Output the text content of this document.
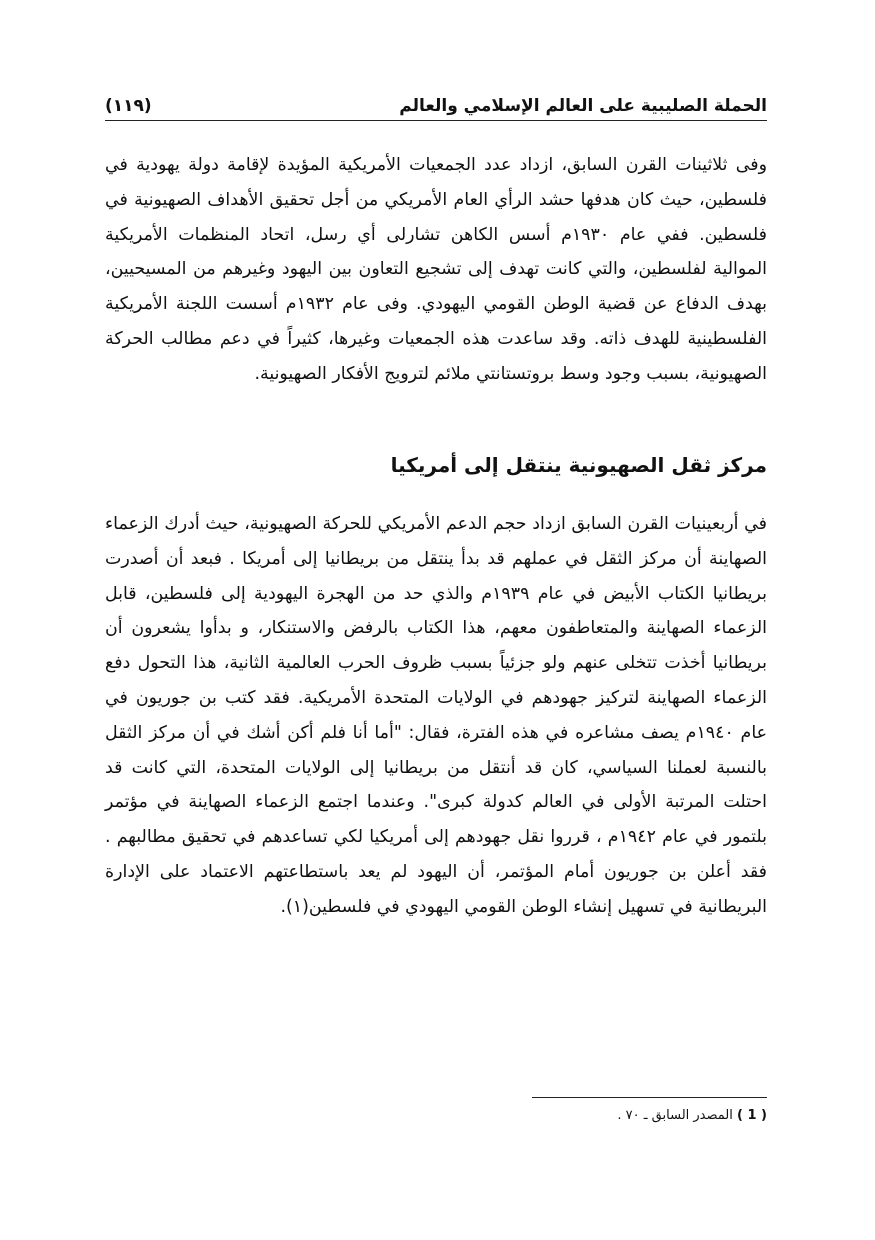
الحملة الصليبية على العالم الإسلامي والعالم
(١١٩)

وفى ثلاثينات القرن السابق، ازداد عدد الجمعيات الأمريكية المؤيدة لإقامة دولة يهودية في فلسطين، حيث كان هدفها حشد الرأي العام الأمريكي من أجل تحقيق الأهداف الصهيونية في فلسطين. ففي عام ١٩٣٠م أسس الكاهن تشارلى أي رسل، اتحاد المنظمات الأمريكية الموالية لفلسطين، والتي كانت تهدف إلى تشجيع التعاون بين اليهود وغيرهم من المسيحيين، بهدف الدفاع عن قضية الوطن القومي اليهودي. وفى عام ١٩٣٢م أسست اللجنة الأمريكية الفلسطينية للهدف ذاته. وقد ساعدت هذه الجمعيات وغيرها، كثيراً في دعم مطالب الحركة الصهيونية، بسبب وجود وسط بروتستانتي ملائم لترويج الأفكار الصهيونية.

مركز ثقل الصهيونية ينتقل إلى أمريكيا

في أربعينيات القرن السابق ازداد حجم الدعم الأمريكي للحركة الصهيونية، حيث أدرك الزعماء الصهاينة أن مركز الثقل في عملهم قد بدأ ينتقل من بريطانيا إلى أمريكا . فبعد أن أصدرت بريطانيا الكتاب الأبيض في عام ١٩٣٩م والذي حد من الهجرة اليهودية إلى فلسطين، قابل الزعماء الصهاينة والمتعاطفون معهم، هذا الكتاب بالرفض والاستنكار، و بدأوا يشعرون أن بريطانيا أخذت تتخلى عنهم ولو جزئياً بسبب ظروف الحرب العالمية الثانية، هذا التحول دفع الزعماء الصهاينة لتركيز جهودهم في الولايات المتحدة الأمريكية. فقد كتب بن جوريون في عام ١٩٤٠م يصف مشاعره في هذه الفترة، فقال: "أما أنا فلم أكن أشك في أن مركز الثقل بالنسبة لعملنا السياسي، كان قد أنتقل من بريطانيا إلى الولايات المتحدة، التي كانت قد احتلت المرتبة الأولى في العالم كدولة كبرى". وعندما اجتمع الزعماء الصهاينة في مؤتمر بلتمور في عام ١٩٤٢م ، قرروا نقل جهودهم إلى أمريكيا لكي تساعدهم في تحقيق مطالبهم . فقد أعلن بن جوريون أمام المؤتمر، أن اليهود لم يعد باستطاعتهم الاعتماد على الإدارة البريطانية في تسهيل إنشاء الوطن القومي اليهودي في فلسطين(١).

( 1 ) المصدر السابق ـ ٧٠ .
